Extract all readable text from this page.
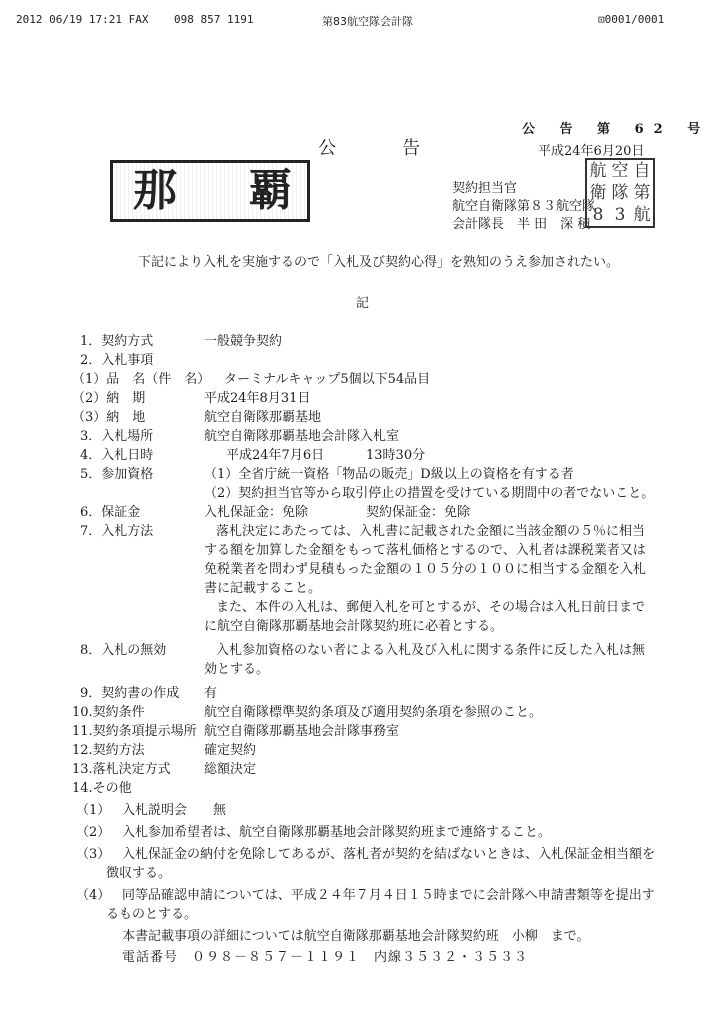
2012 06/19 17:21 FAX 098 857 1191	第83航空隊会計隊	⊡0001/0001
公 告 第 62 号
平成24年6月20日
公　告
那 覇	契約担当官
航空自衛隊第８３航空隊
会計隊長　半 田　深 積
航 空 自
衛 隊 第
8 3 航
下記により入札を実施するので「入札及び契約心得」を熟知のうえ参加されたい。
記
1．契約方式	一般競争契約
2．入札事項
（1）品　名（件　名） ターミナルキャップ5個以下54品目
（2）納　期	平成24年8月31日
（3）納　地	航空自衛隊那覇基地
3．入札場所	航空自衛隊那覇基地会計隊入札室
4．入札日時	平成24年7月6日	13時30分
5．参加資格	（1）全省庁統一資格「物品の販売」D級以上の資格を有する者
（2）契約担当官等から取引停止の措置を受けている期間中の者でないこと。
6．保証金	入札保証金：免除	契約保証金：免除
7．入札方法	落札決定にあたっては、入札書に記載された金額に当該金額の５％に相当
する額を加算した金額をもって落札価格とするので、入札者は課税業者又は
免税業者を問わず見積もった金額の１０５分の１００に相当する金額を入札
書に記載すること。
また、本件の入札は、郵便入札を可とするが、その場合は入札日前日まで
に航空自衛隊那覇基地会計隊契約班に必着とする。
8．入札の無効	入札参加資格のない者による入札及び入札に関する条件に反した入札は無
効とする。
9．契約書の作成 有
10.契約条件	航空自衛隊標準契約条項及び適用契約条項を参照のこと。
11.契約条項提示場所 航空自衛隊那覇基地会計隊事務室
12.契約方法	確定契約
13.落札決定方式	総額決定
14.その他
（1） 入札説明会　　無
（2） 入札参加希望者は、航空自衛隊那覇基地会計隊契約班まで連絡すること。
（3） 入札保証金の納付を免除してあるが、落札者が契約を結ばないときは、入札保証金相当額を
徴収する。
（4） 同等品確認申請については、平成２４年７月４日１５時までに会計隊へ申請書類等を提出す
るものとする。
本書記載事項の詳細については航空自衛隊那覇基地会計隊契約班　小柳　まで。
電話番号　０９８－８５７－１１９１　内線３５３２・３５３３
